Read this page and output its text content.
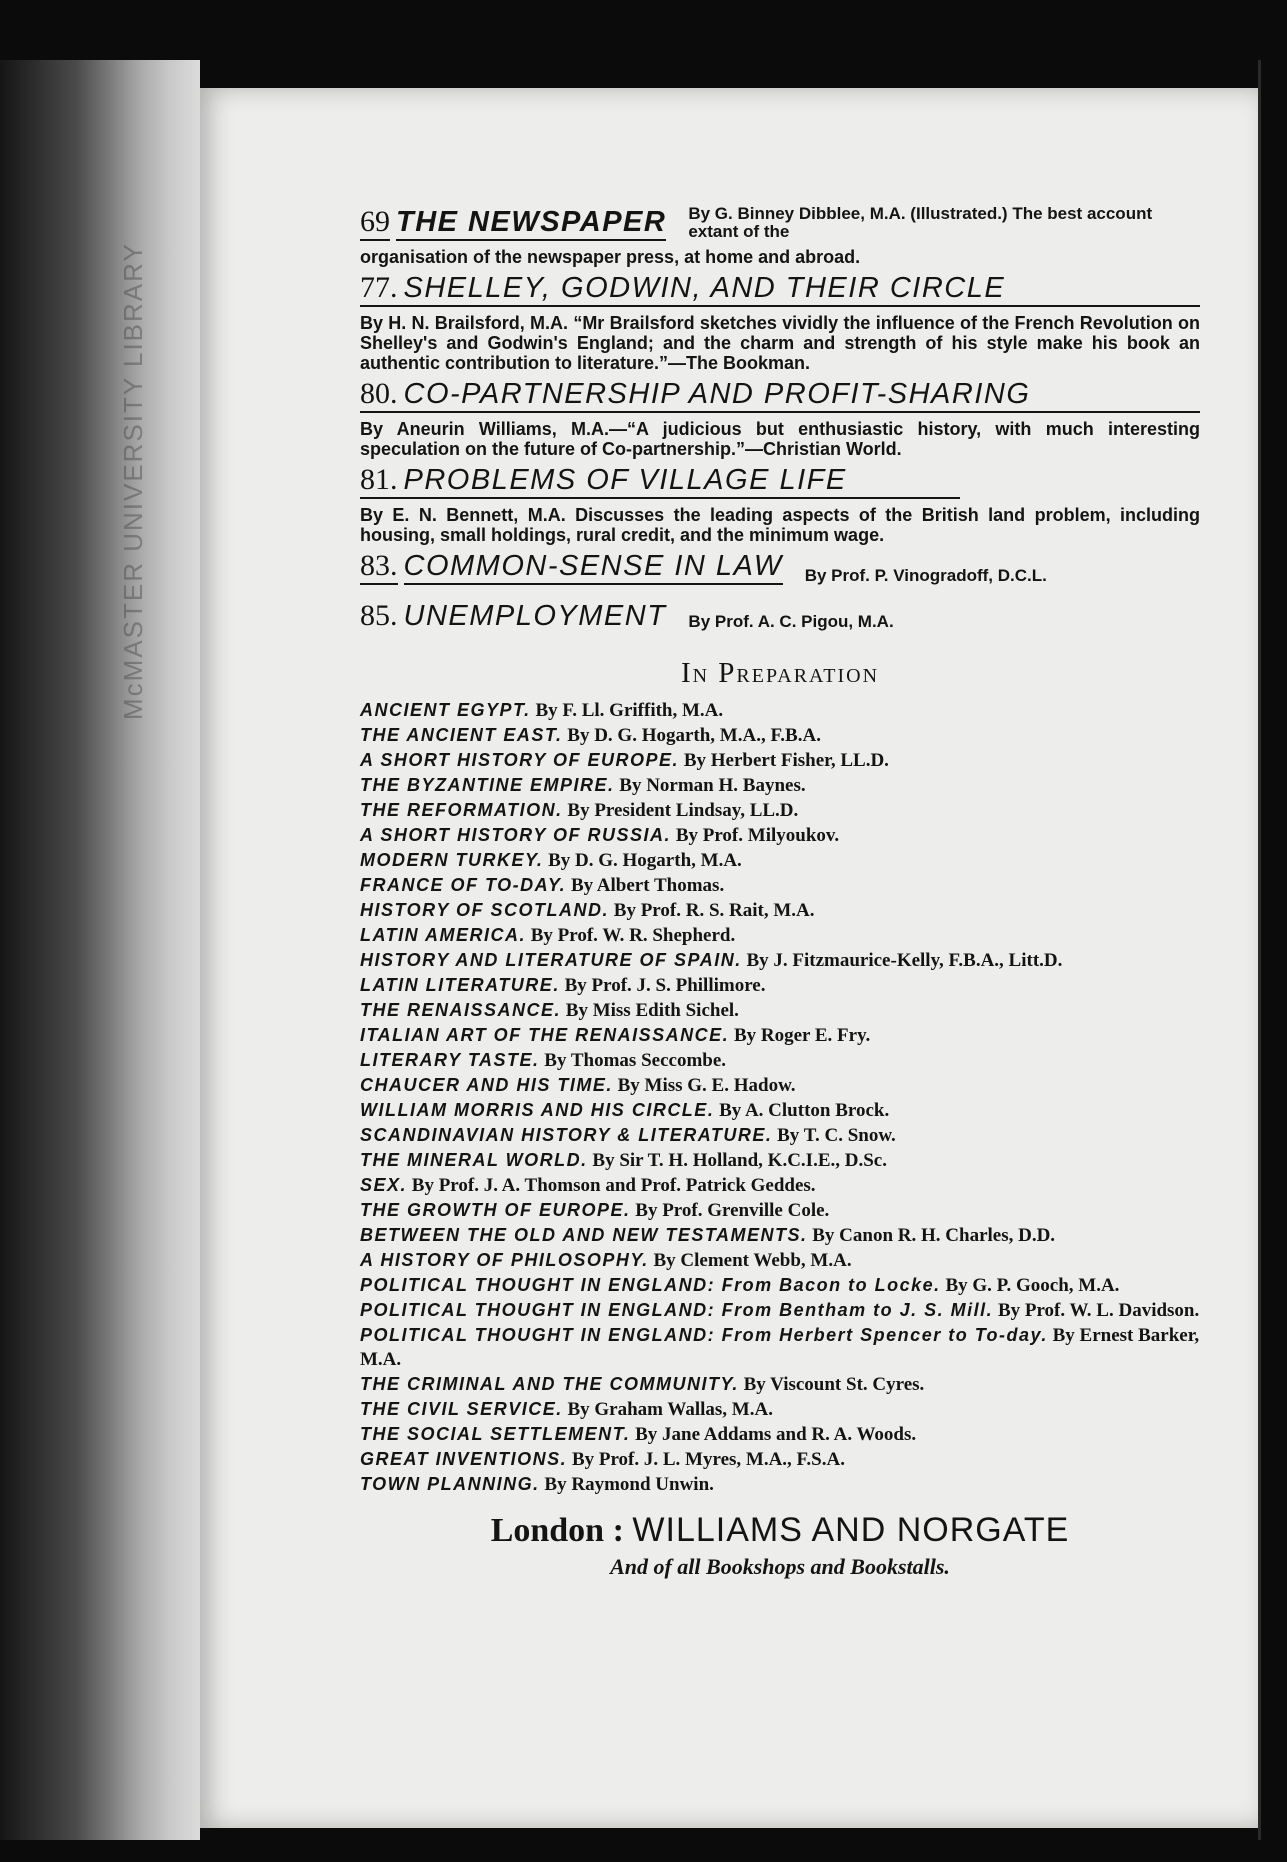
McMASTER UNIVERSITY LIBRARY
69 THE NEWSPAPER By G. Binney Dibblee, M.A. (Illustrated.) The best account extant of the
organisation of the newspaper press, at home and abroad.
77. SHELLEY, GODWIN, AND THEIR CIRCLE
By H. N. Brailsford, M.A. “Mr Brailsford sketches vividly the influence of the French Revolution on Shelley's and Godwin's England; and the charm and strength of his style make his book an authentic contribution to literature.”—The Bookman.
80. CO-PARTNERSHIP AND PROFIT-SHARING
By Aneurin Williams, M.A.—“A judicious but enthusiastic history, with much interesting speculation on the future of Co-partnership.”—Christian World.
81. PROBLEMS OF VILLAGE LIFE
By E. N. Bennett, M.A. Discusses the leading aspects of the British land problem, including housing, small holdings, rural credit, and the minimum wage.
83. COMMON-SENSE IN LAW By Prof. P. Vinogradoff, D.C.L.
85. UNEMPLOYMENT By Prof. A. C. Pigou, M.A.
In Preparation
ANCIENT EGYPT. By F. Ll. Griffith, M.A.
THE ANCIENT EAST. By D. G. Hogarth, M.A., F.B.A.
A SHORT HISTORY OF EUROPE. By Herbert Fisher, LL.D.
THE BYZANTINE EMPIRE. By Norman H. Baynes.
THE REFORMATION. By President Lindsay, LL.D.
A SHORT HISTORY OF RUSSIA. By Prof. Milyoukov.
MODERN TURKEY. By D. G. Hogarth, M.A.
FRANCE OF TO-DAY. By Albert Thomas.
HISTORY OF SCOTLAND. By Prof. R. S. Rait, M.A.
LATIN AMERICA. By Prof. W. R. Shepherd.
HISTORY AND LITERATURE OF SPAIN. By J. Fitzmaurice-Kelly, F.B.A., Litt.D.
LATIN LITERATURE. By Prof. J. S. Phillimore.
THE RENAISSANCE. By Miss Edith Sichel.
ITALIAN ART OF THE RENAISSANCE. By Roger E. Fry.
LITERARY TASTE. By Thomas Seccombe.
CHAUCER AND HIS TIME. By Miss G. E. Hadow.
WILLIAM MORRIS AND HIS CIRCLE. By A. Clutton Brock.
SCANDINAVIAN HISTORY & LITERATURE. By T. C. Snow.
THE MINERAL WORLD. By Sir T. H. Holland, K.C.I.E., D.Sc.
SEX. By Prof. J. A. Thomson and Prof. Patrick Geddes.
THE GROWTH OF EUROPE. By Prof. Grenville Cole.
BETWEEN THE OLD AND NEW TESTAMENTS. By Canon R. H. Charles, D.D.
A HISTORY OF PHILOSOPHY. By Clement Webb, M.A.
POLITICAL THOUGHT IN ENGLAND: From Bacon to Locke. By G. P. Gooch, M.A.
POLITICAL THOUGHT IN ENGLAND: From Bentham to J. S. Mill. By Prof. W. L. Davidson.
POLITICAL THOUGHT IN ENGLAND: From Herbert Spencer to To-day. By Ernest Barker, M.A.
THE CRIMINAL AND THE COMMUNITY. By Viscount St. Cyres.
THE CIVIL SERVICE. By Graham Wallas, M.A.
THE SOCIAL SETTLEMENT. By Jane Addams and R. A. Woods.
GREAT INVENTIONS. By Prof. J. L. Myres, M.A., F.S.A.
TOWN PLANNING. By Raymond Unwin.
London : WILLIAMS AND NORGATE
And of all Bookshops and Bookstalls.
